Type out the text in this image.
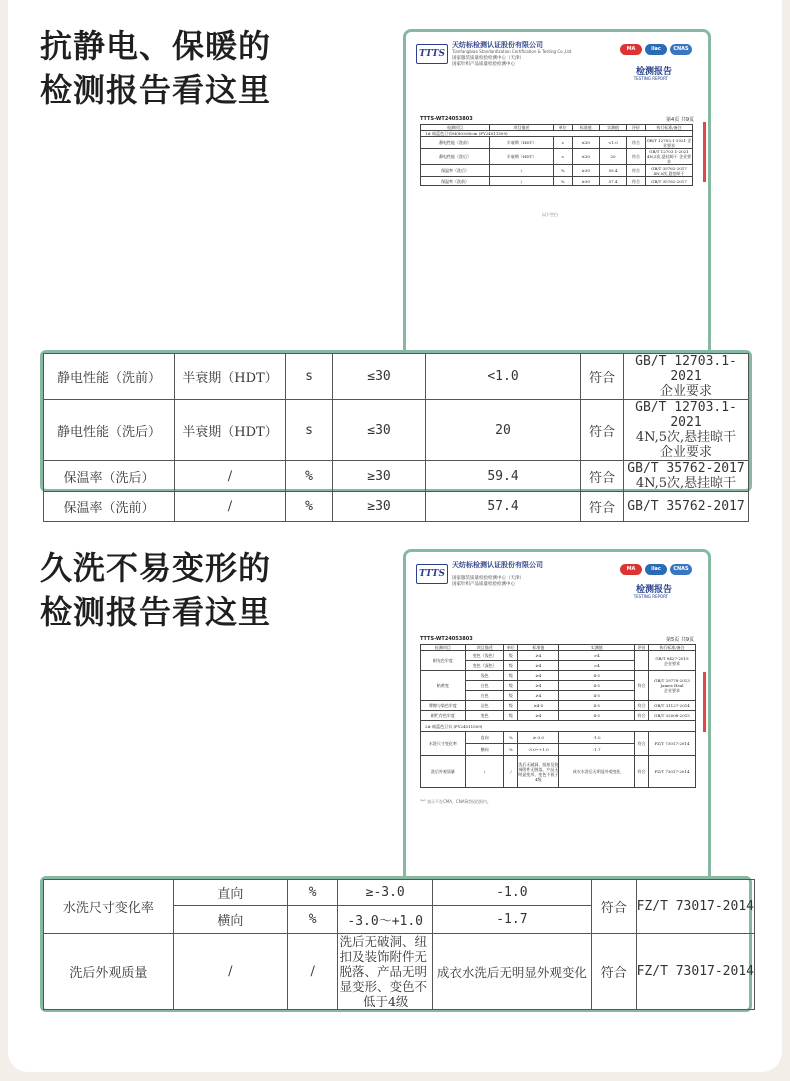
抗静电、保暖的
检测报告看这里
TTTS
天纺标检测认证股份有限公司
Tianfangbiao Standardization Certification & Testing Co.,Ltd
国家服装质量检验检测中心（天津）
国家针织产品质量检验检测中心
MA	ilac	CNAS
检测报告
TESTING REPORT
TTTS-WT24053803	第4页 共9页
检测项目	项目描述	单位	标准值	实测值	评价	执行标准/备注
1# 暗蓝色卫衣M(80×60cm (FY24011509)						
静电性能（洗前）	半衰期（HDT）	s	≤30	<1.0	符合	GB/T 12703.1-2021 企业要求
静电性能（洗后）	半衰期（HDT）	s	≤30	20	符合	GB/T 12703.1-2021 4N,5次,悬挂晾干 企业要求
保温率（洗后）	/	%	≥30	59.4	符合	GB/T 35762-2017 4N,5次,悬挂晾干
保温率（洗前）	/	%	≥30	57.4	符合	GB/T 35762-2017
以下空白
静电性能（洗前）	半衰期（HDT）	s	≤30	<1.0	符合	GB/T 12703.1-2021
企业要求

静电性能（洗后）	半衰期（HDT）	s	≤30	20	符合	GB/T 12703.1-2021
4N,5次,悬挂晾干
企业要求

保温率（洗后）	/	%	≥30	59.4	符合	GB/T 35762-2017
4N,5次,悬挂晾干

保温率（洗前）	/	%	≥30	57.4	符合	GB/T 35762-2017
久洗不易变形的
检测报告看这里
TTTS
天纺标检测认证股份有限公司
国家服装质量检验检测中心（天津）
国家针织产品质量检验检测中心
MA	ilac	CNAS
检测报告
TESTING REPORT
TTTS-WT24053803	第5页 共9页
检测项目	项目描述	单位	标准值	实测值	评价	执行标准/备注
耐光色牢度	变色（浅色）	级	≥4	>4		GB/T 8427-2019
企业要求

	变色（深色）	级	≥4	>4		
粘黄变	浅色	级	≥4	4-5	符合	GB/T 29778-2013
James Heal
企业要求

	白色	级	≥4	4-5		
	白色	级	≥4	4-5		
摩擦与染色牢度	沾色	级	≥4-5	4-5	符合	GB/T 31127-2014
耐贮存色牢度	变色	级	≥4	4-5	符合	GB/T 32008-2015
2# 暗蓝色卫衣 (FY24011509)						
水洗尺寸变化率	直向	%	≥-3.0	-1.0	符合	FZ/T 73017-2014
	横向	%	-3.0~+1.0	-1.7		
洗后外观质量	/	/	洗后无破洞、纽扣及装饰附件无脱落、产品无明显变形、变色不低于4级	成衣水洗后无明显外观变化	符合	FZ/T 73017-2014
"*" 表示不在CMA、CNAS授权范围内。
水洗尺寸变化率	直向	%	≥-3.0	-1.0	符合	FZ/T 73017-2014
	横向	%	-3.0～+1.0	-1.7		
洗后外观质量	/	/	洗后无破洞、纽
扣及装饰附件无
脱落、产品无明
显变形、变色不
低于4级	成衣水洗后无明显外观变化	符合	FZ/T 73017-2014
